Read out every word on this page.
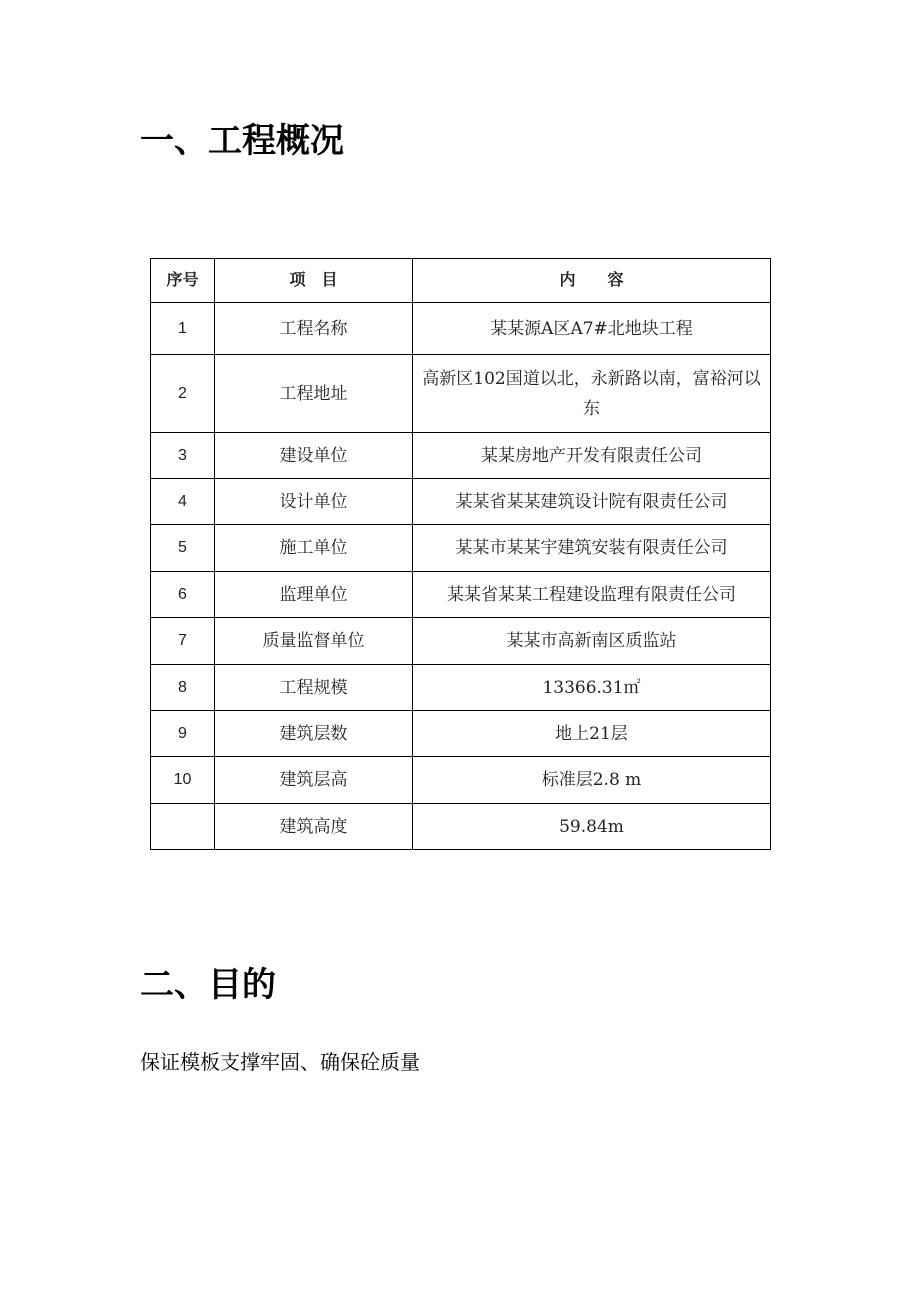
一、工程概况
序号	项　目	内　　容
1	工程名称	某某源A区A7#北地块工程
2	工程地址	高新区102国道以北，永新路以南，富裕河以东
3	建设单位	某某房地产开发有限责任公司
4	设计单位	某某省某某建筑设计院有限责任公司
5	施工单位	某某市某某宇建筑安装有限责任公司
6	监理单位	某某省某某工程建设监理有限责任公司
7	质量监督单位	某某市高新南区质监站
8	工程规模	13366.31㎡
9	建筑层数	地上21层
10	建筑层高	标准层2.8 m
	建筑高度	59.84m
二、目的

保证模板支撑牢固、确保砼质量
